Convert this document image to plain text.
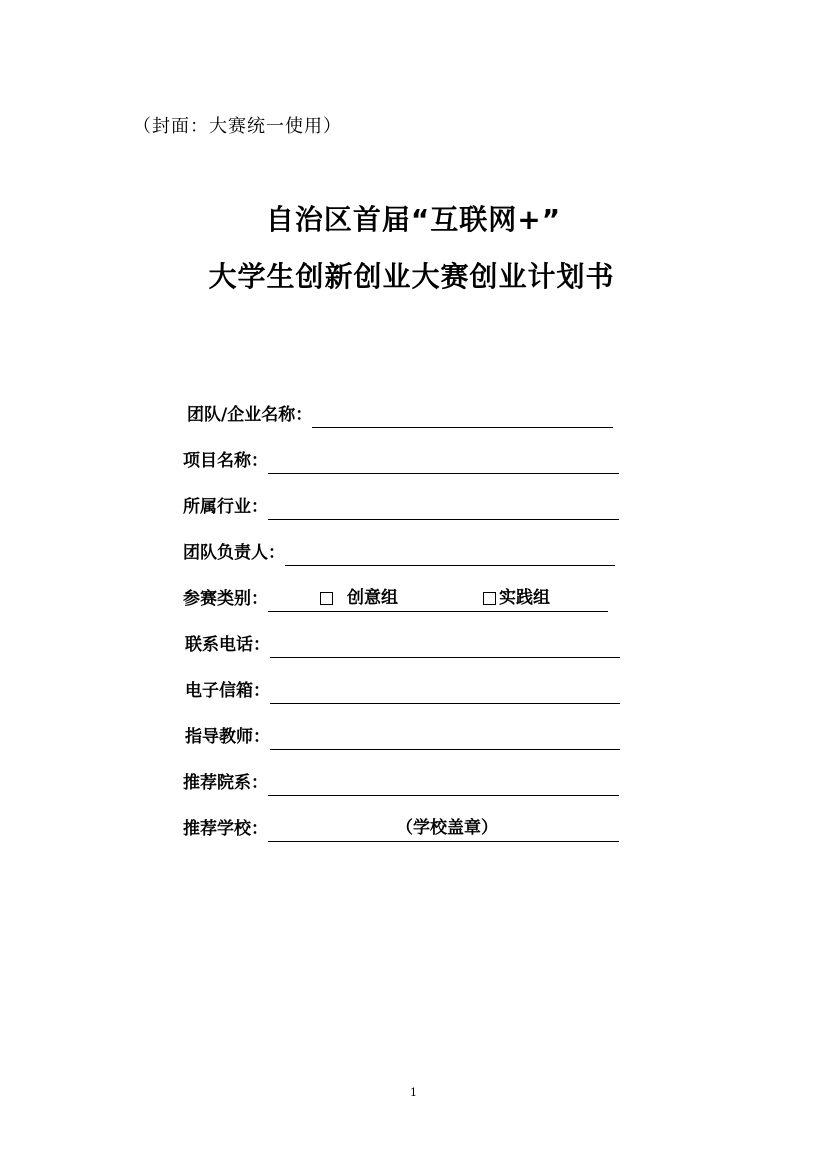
（封面：大赛统一使用）
自治区首届“互联网+”
大学生创新创业大赛创业计划书
团队/企业名称：
项目名称：
所属行业：
团队负责人：
参赛类别：	创意组	实践组
联系电话：
电子信箱：
指导教师：
推荐院系：
推荐学校：	（学校盖章）
1
